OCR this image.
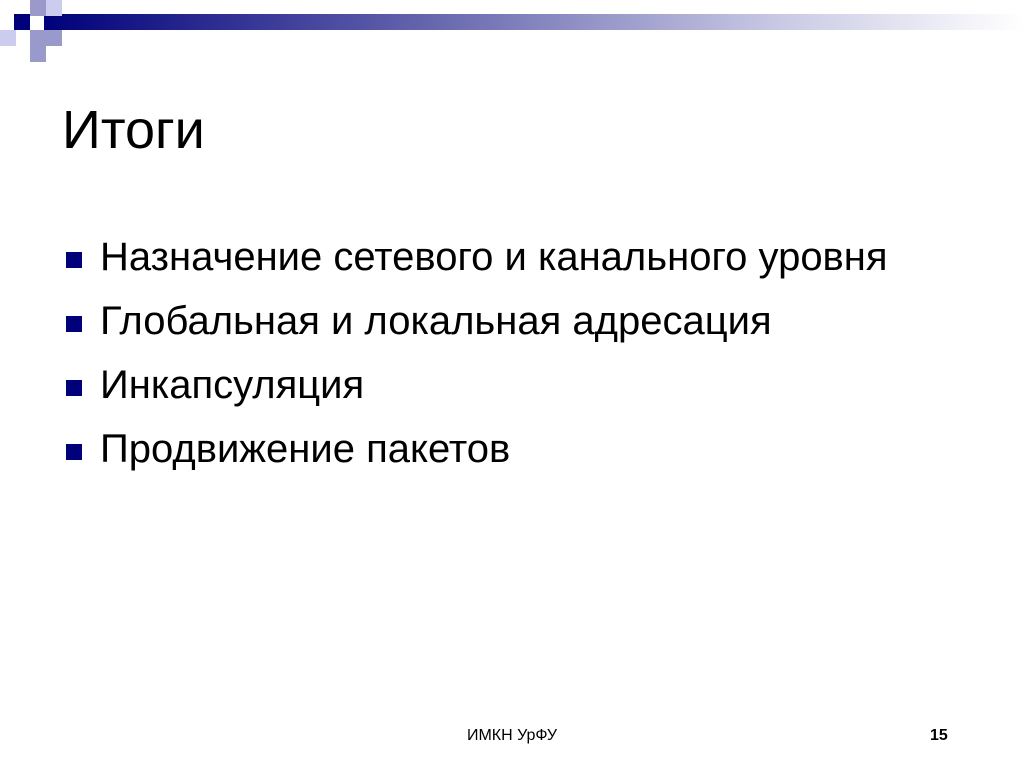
Итоги
Назначение сетевого и канального уровня
Глобальная и локальная адресация
Инкапсуляция
Продвижение пакетов
ИМКН УрФУ	15
